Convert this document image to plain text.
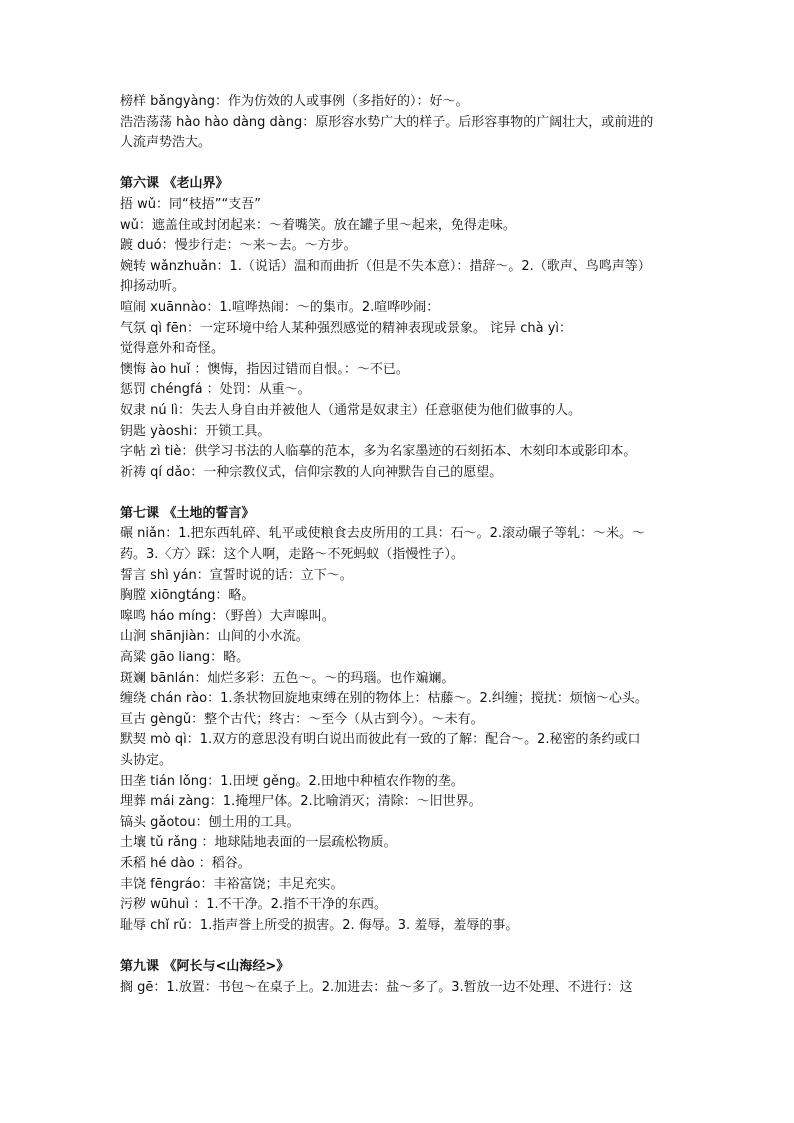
榜样 bǎngyàng：作为仿效的人或事例（多指好的）：好～。
浩浩荡荡 hào hào dàng dàng：原形容水势广大的样子。后形容事物的广阔壮大，或前进的
人流声势浩大。
第六课 《老山界》
捂 wǔ：同“枝捂”“支吾”
wǔ：遮盖住或封闭起来：～着嘴笑。放在罐子里～起来，免得走味。
踱 duó：慢步行走：～来～去。～方步。
婉转 wǎnzhuǎn：1.（说话）温和而曲折（但是不失本意）：措辞～。2.（歌声、鸟鸣声等）
抑扬动听。
喧闹 xuānnào：1.喧哗热闹：～的集市。2.喧哗吵闹：
气氛 qì fēn：一定环境中给人某种强烈感觉的精神表现或景象。 诧异 chà yì：
觉得意外和奇怪。
懊悔 ào huǐ ：懊悔，指因过错而自恨。：～不已。
惩罚 chéngfá ：处罚：从重～。
奴隶 nú lì：失去人身自由并被他人（通常是奴隶主）任意驱使为他们做事的人。
钥匙 yàoshi：开锁工具。
字帖 zì tiè：供学习书法的人临摹的范本，多为名家墨迹的石刻拓本、木刻印本或影印本。
祈祷 qí dǎo：一种宗教仪式，信仰宗教的人向神默告自己的愿望。
第七课 《土地的誓言》
碾 niǎn：1.把东西轧碎、轧平或使粮食去皮所用的工具：石～。2.滚动碾子等轧：～米。～
药。3.〈方〉踩：这个人啊，走路～不死蚂蚁（指慢性子）。
誓言 shì yán：宣誓时说的话：立下～。
胸膛 xiōngtáng：略。
嗥鸣 háo míng：（野兽）大声嗥叫。
山涧 shānjiàn：山间的小水流。
高粱 gāo liang：略。
斑斓 bānlán：灿烂多彩：五色～。～的玛瑙。也作斒斓。
缠绕 chán rào：1.条状物回旋地束缚在别的物体上：枯藤～。2.纠缠；搅扰：烦恼～心头。
亘古 gèngǔ：整个古代；终古：～至今（从古到今）。～未有。
默契 mò qì：1.双方的意思没有明白说出而彼此有一致的了解：配合～。2.秘密的条约或口
头协定。
田垄 tián lǒng：1.田埂 gěng。2.田地中种植农作物的垄。
埋葬 mái zàng：1.掩埋尸体。2.比喻消灭；清除：～旧世界。
镐头 gǎotou：刨土用的工具。
土壤 tǔ rǎng ：地球陆地表面的一层疏松物质。
禾稻 hé dào ：稻谷。
丰饶 fēngráo：丰裕富饶；丰足充实。
污秽 wūhuì ：1.不干净。2.指不干净的东西。
耻辱 chǐ rǔ：1.指声誉上所受的损害。2. 侮辱。3. 羞辱，羞辱的事。
第九课 《阿长与<山海经>》
搁 gē：1.放置：书包～在桌子上。2.加进去：盐～多了。3.暂放一边不处理、不进行：这
